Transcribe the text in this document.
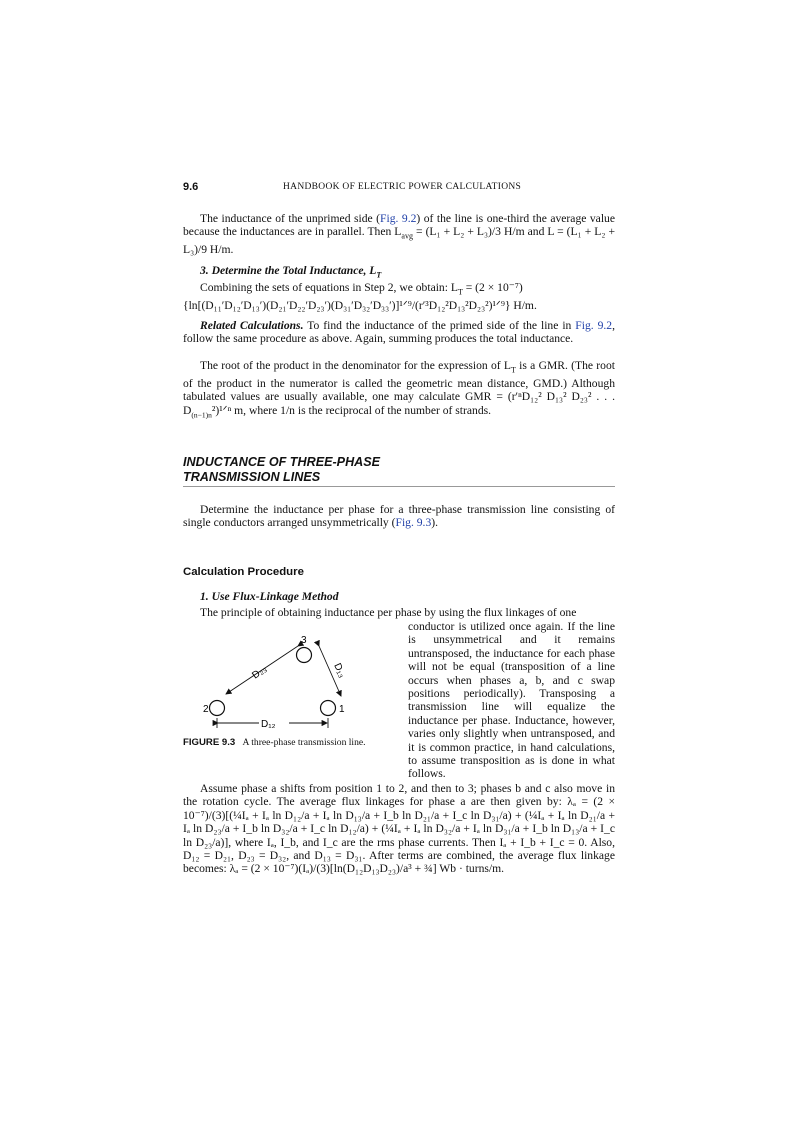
9.6	HANDBOOK OF ELECTRIC POWER CALCULATIONS
The inductance of the unprimed side (Fig. 9.2) of the line is one-third the average value because the inductances are in parallel. Then $L_{avg} = (L_1 + L_2 + L_3)/3$ H/m and L = (L₁ + L₂ + L₃)/9 H/m.
3. Determine the Total Inductance, $L_T$
Combining the sets of equations in Step 2, we obtain: $L_T = (2 \times 10^{-7})$
{ln[(D₁₁′D₁₂′D₁₃′)(D₂₁′D₂₂′D₂₃′)(D₃₁′D₃₂′D₃₃′)]¹ᐟ⁹/(r′³D₁₂²D₁₃²D₂₃²)¹ᐟ⁹} H/m.
Related Calculations. To find the inductance of the primed side of the line in Fig. 9.2, follow the same procedure as above. Again, summing produces the total inductance.
The root of the product in the denominator for the expression of $L_T$ is a GMR. (The root of the product in the numerator is called the geometric mean distance, GMD.) Although tabulated values are usually available, one may calculate GMR = (r′ⁿD₁₂² D₁₃² D₂₃² . . . $D_{(n-1)n}^2)^1ᐟ^n$ m, where 1/n is the reciprocal of the number of strands.
INDUCTANCE OF THREE-PHASE
TRANSMISSION LINES
Determine the inductance per phase for a three-phase transmission line consisting of single conductors arranged unsymmetrically (Fig. 9.3).
Calculation Procedure
1. Use Flux-Linkage Method
The principle of obtaining inductance per phase by using the flux linkages of one
conductor is utilized once again. If the line is unsymmetrical and it remains untransposed, the inductance for each phase will not be equal (transposition of a line occurs when phases a, b, and c swap positions periodically). Transposing a transmission line will equalize the inductance per phase. Inductance, however, varies only slightly when untransposed, and it is common practice, in hand calculations, to assume transposition as is done in what follows.
3
2	1
D₁₂
D₂₃	D₁₃
FIGURE 9.3 A three-phase transmission line.
Assume phase a shifts from position 1 to 2, and then to 3; phases b and c also move in the rotation cycle. The average flux linkages for phase a are then given by: λₐ = (2 × 10⁻⁷)/(3)[(¼Iₐ + Iₐ ln D₁₂/a + Iₐ ln D₁₃/a + I_b ln D₂₁/a + I_c ln D₃₁/a) + (¼Iₐ + Iₐ ln D₂₁/a + Iₐ ln D₂₃/a + I_b ln D₃₂/a + I_c ln D₁₂/a) + (¼Iₐ + Iₐ ln D₃₂/a + Iₐ ln D₃₁/a + I_b ln D₁₃/a + I_c ln D₂₃/a)], where Iₐ, I_b, and I_c are the rms phase currents. Then Iₐ + I_b + I_c = 0. Also, D₁₂ = D₂₁, D₂₃ = D₃₂, and D₁₃ = D₃₁. After terms are combined, the average flux linkage becomes: λₐ = (2 × 10⁻⁷)(Iₐ)/(3)[ln(D₁₂D₁₃D₂₃)/a³ + ¾] Wb · turns/m.
